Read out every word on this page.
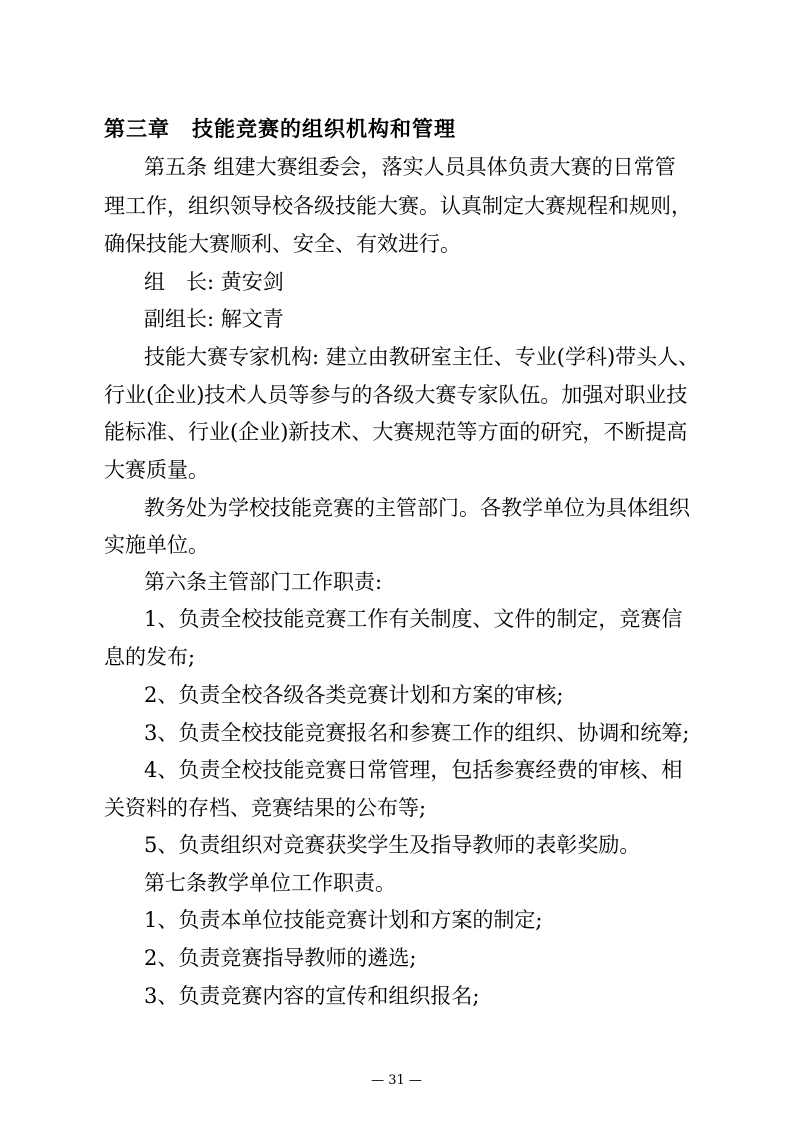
第三章　技能竞赛的组织机构和管理
第五条 组建大赛组委会，落实人员具体负责大赛的日常管
理工作，组织领导校各级技能大赛。认真制定大赛规程和规则，
确保技能大赛顺利、安全、有效进行。
组　长: 黄安剑
副组长: 解文青
技能大赛专家机构: 建立由教研室主任、专业(学科)带头人、
行业(企业)技术人员等参与的各级大赛专家队伍。加强对职业技
能标准、行业(企业)新技术、大赛规范等方面的研究，不断提高
大赛质量。
教务处为学校技能竞赛的主管部门。各教学单位为具体组织
实施单位。
第六条主管部门工作职责:
1、负责全校技能竞赛工作有关制度、文件的制定，竞赛信
息的发布;
2、负责全校各级各类竞赛计划和方案的审核;
3、负责全校技能竞赛报名和参赛工作的组织、协调和统筹;
4、负责全校技能竞赛日常管理，包括参赛经费的审核、相
关资料的存档、竞赛结果的公布等;
5、负责组织对竞赛获奖学生及指导教师的表彰奖励。
第七条教学单位工作职责。
1、负责本单位技能竞赛计划和方案的制定;
2、负责竞赛指导教师的遴选;
3、负责竞赛内容的宣传和组织报名;
— 31 —
